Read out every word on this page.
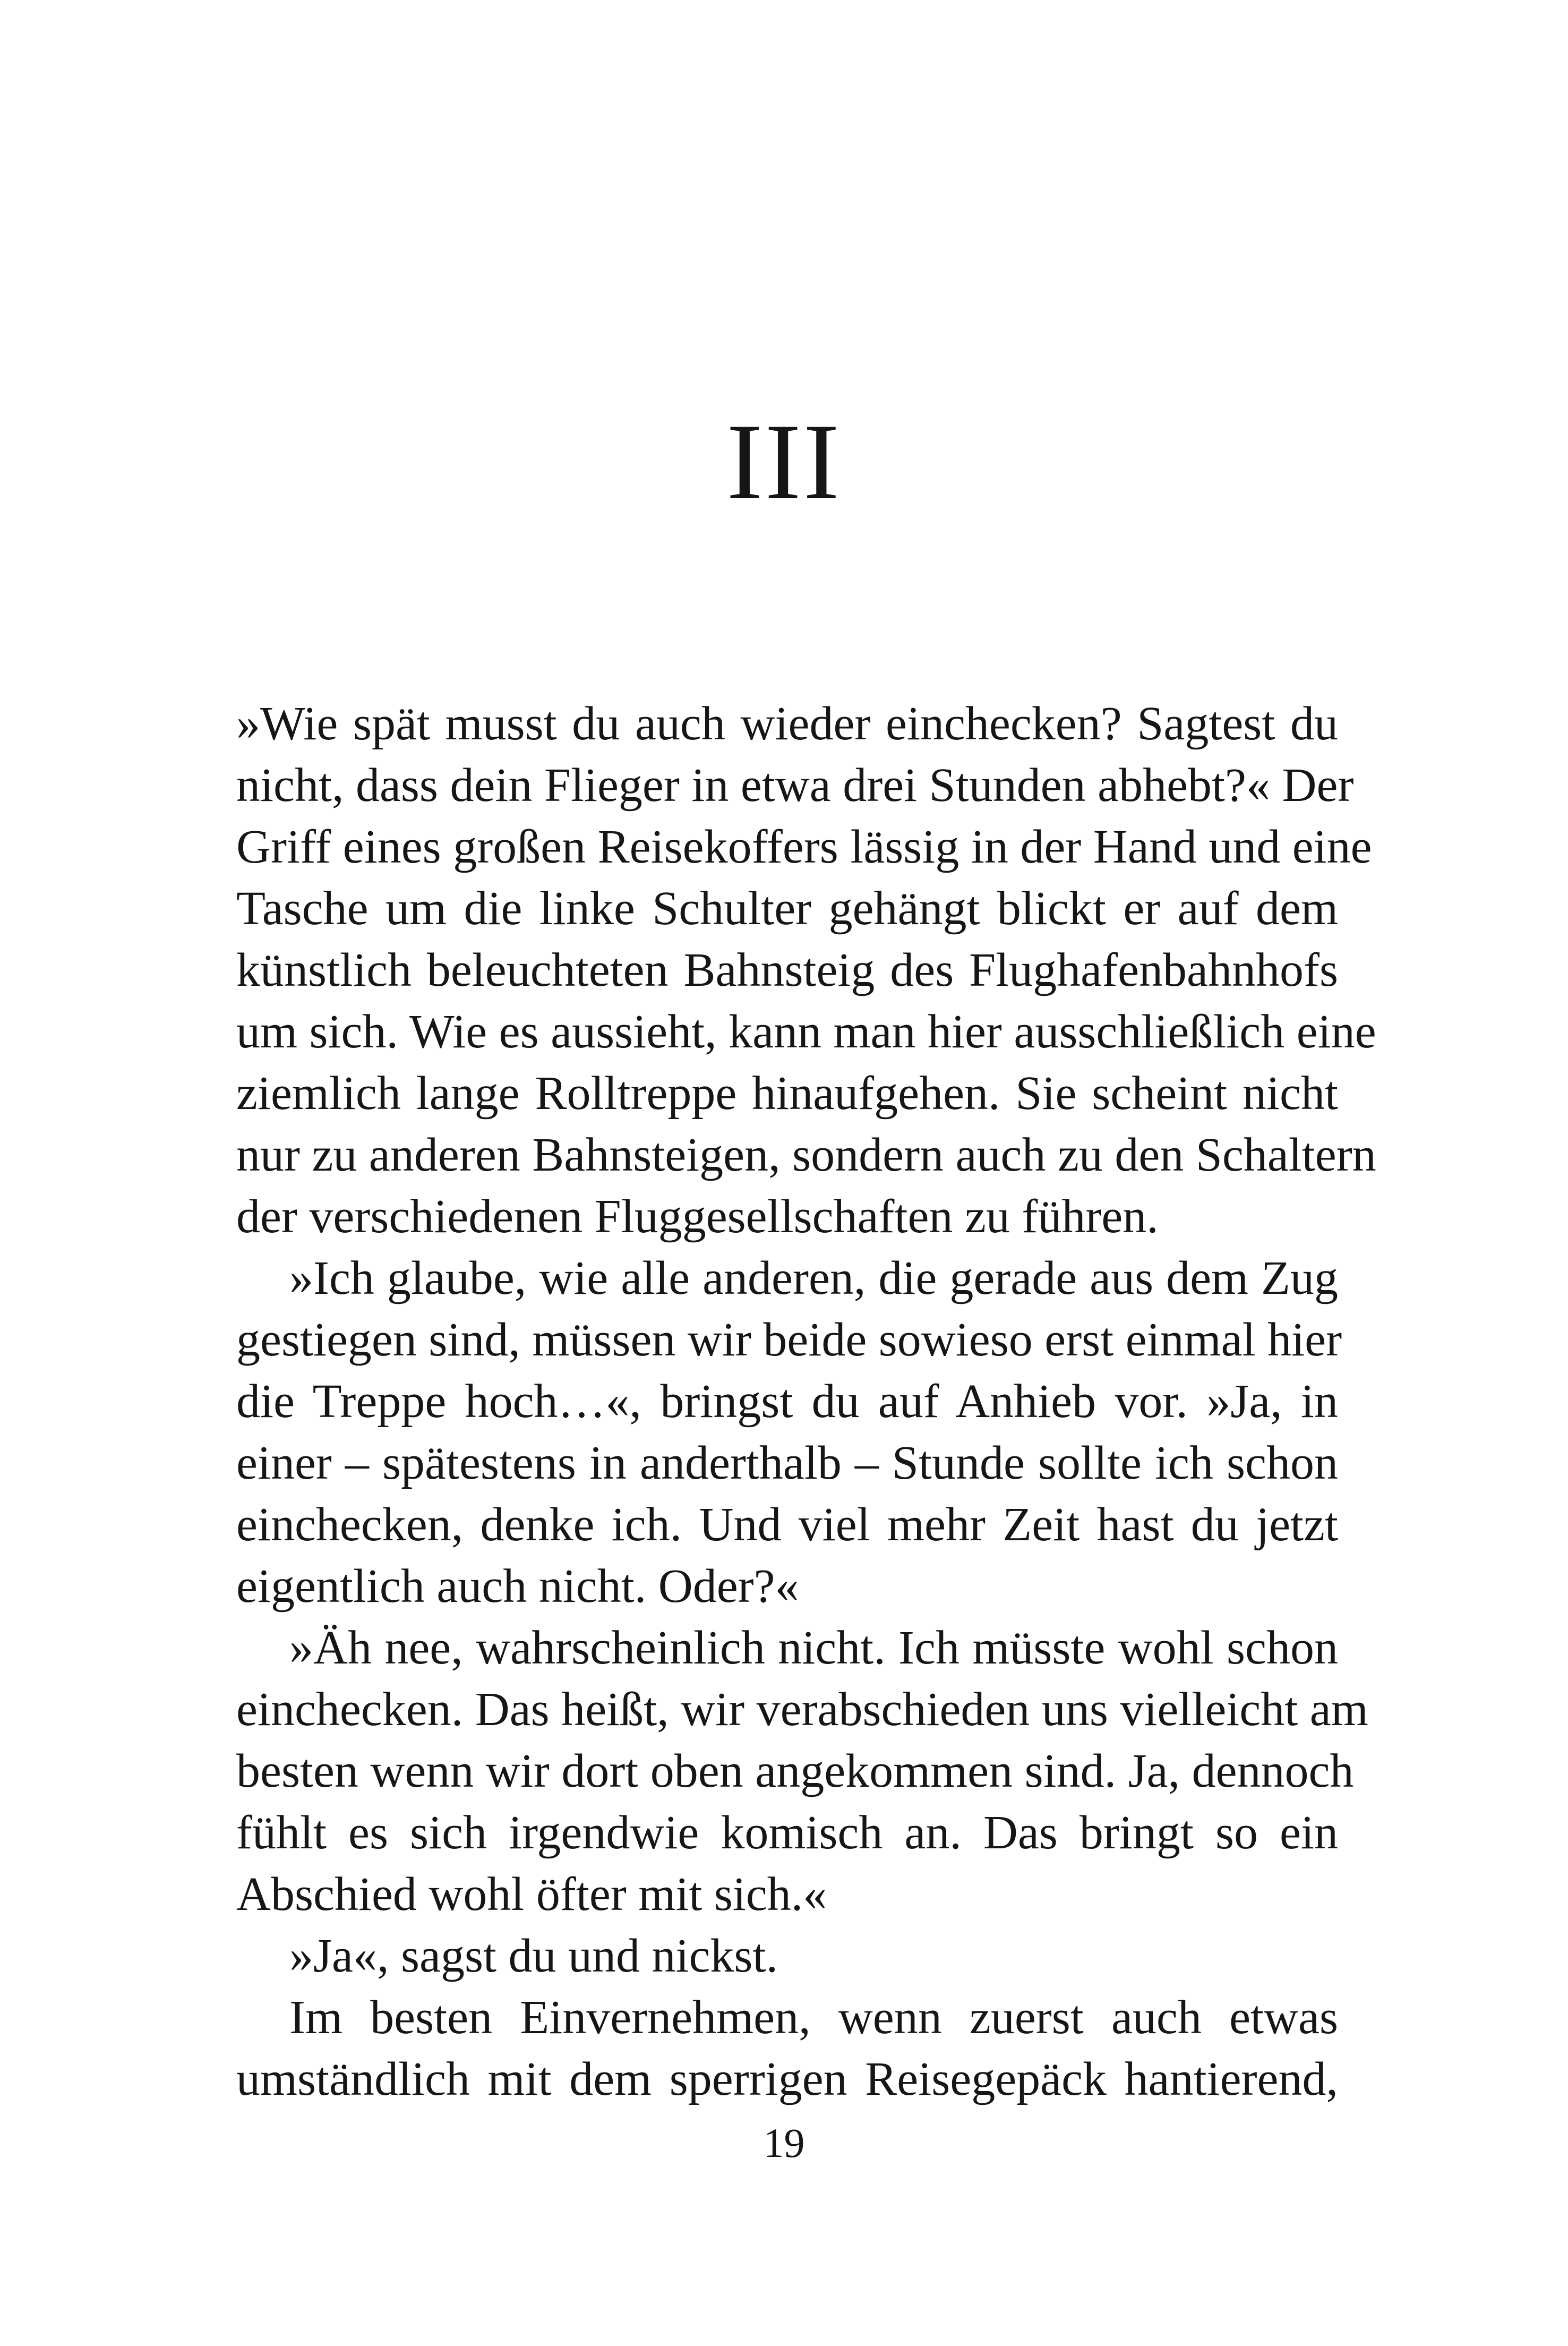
III
»Wie spät musst du auch wieder einchecken? Sagtest du
nicht, dass dein Flieger in etwa drei Stunden abhebt?« Der
Griff eines großen Reisekoffers lässig in der Hand und eine
Tasche um die linke Schulter gehängt blickt er auf dem
künstlich beleuchteten Bahnsteig des Flughafenbahnhofs
um sich. Wie es aussieht, kann man hier ausschließlich eine
ziemlich lange Rolltreppe hinaufgehen. Sie scheint nicht
nur zu anderen Bahnsteigen, sondern auch zu den Schaltern
der verschiedenen Fluggesellschaften zu führen.
»Ich glaube, wie alle anderen, die gerade aus dem Zug
gestiegen sind, müssen wir beide sowieso erst einmal hier
die Treppe hoch…«, bringst du auf Anhieb vor. »Ja, in
einer – spätestens in anderthalb – Stunde sollte ich schon
einchecken, denke ich. Und viel mehr Zeit hast du jetzt
eigentlich auch nicht. Oder?«
»Äh nee, wahrscheinlich nicht. Ich müsste wohl schon
einchecken. Das heißt, wir verabschieden uns vielleicht am
besten wenn wir dort oben angekommen sind. Ja, dennoch
fühlt es sich irgendwie komisch an. Das bringt so ein
Abschied wohl öfter mit sich.«
»Ja«, sagst du und nickst.
Im besten Einvernehmen, wenn zuerst auch etwas
umständlich mit dem sperrigen Reisegepäck hantierend,
19
